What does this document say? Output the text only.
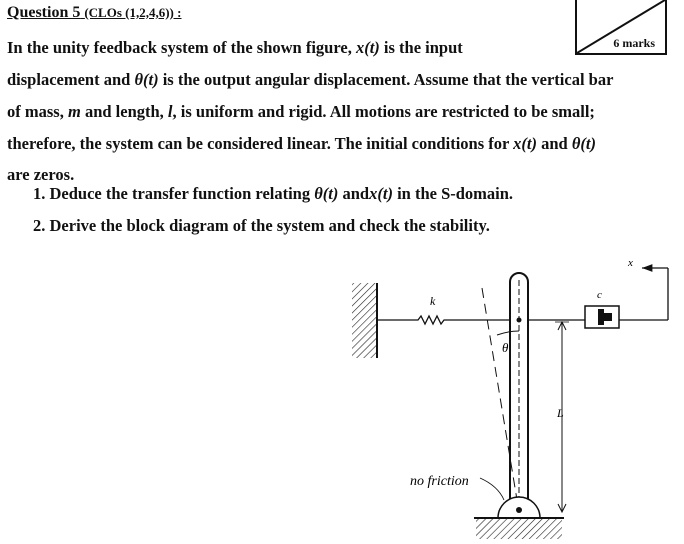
Question 5 (CLOs (1,2,4,6)) :
6 marks
In the unity feedback system of the shown figure, x(t) is the input
displacement and θ(t) is the output angular displacement. Assume that the vertical bar
of mass, m and length, l, is uniform and rigid. All motions are restricted to be small;
therefore, the system can be considered linear. The initial conditions for x(t) and θ(t)
are zeros.
1. Deduce the transfer function relating θ(t) andx(t) in the S-domain.
2. Derive the block diagram of the system and check the stability.
k
θ
c
x
L
no friction
